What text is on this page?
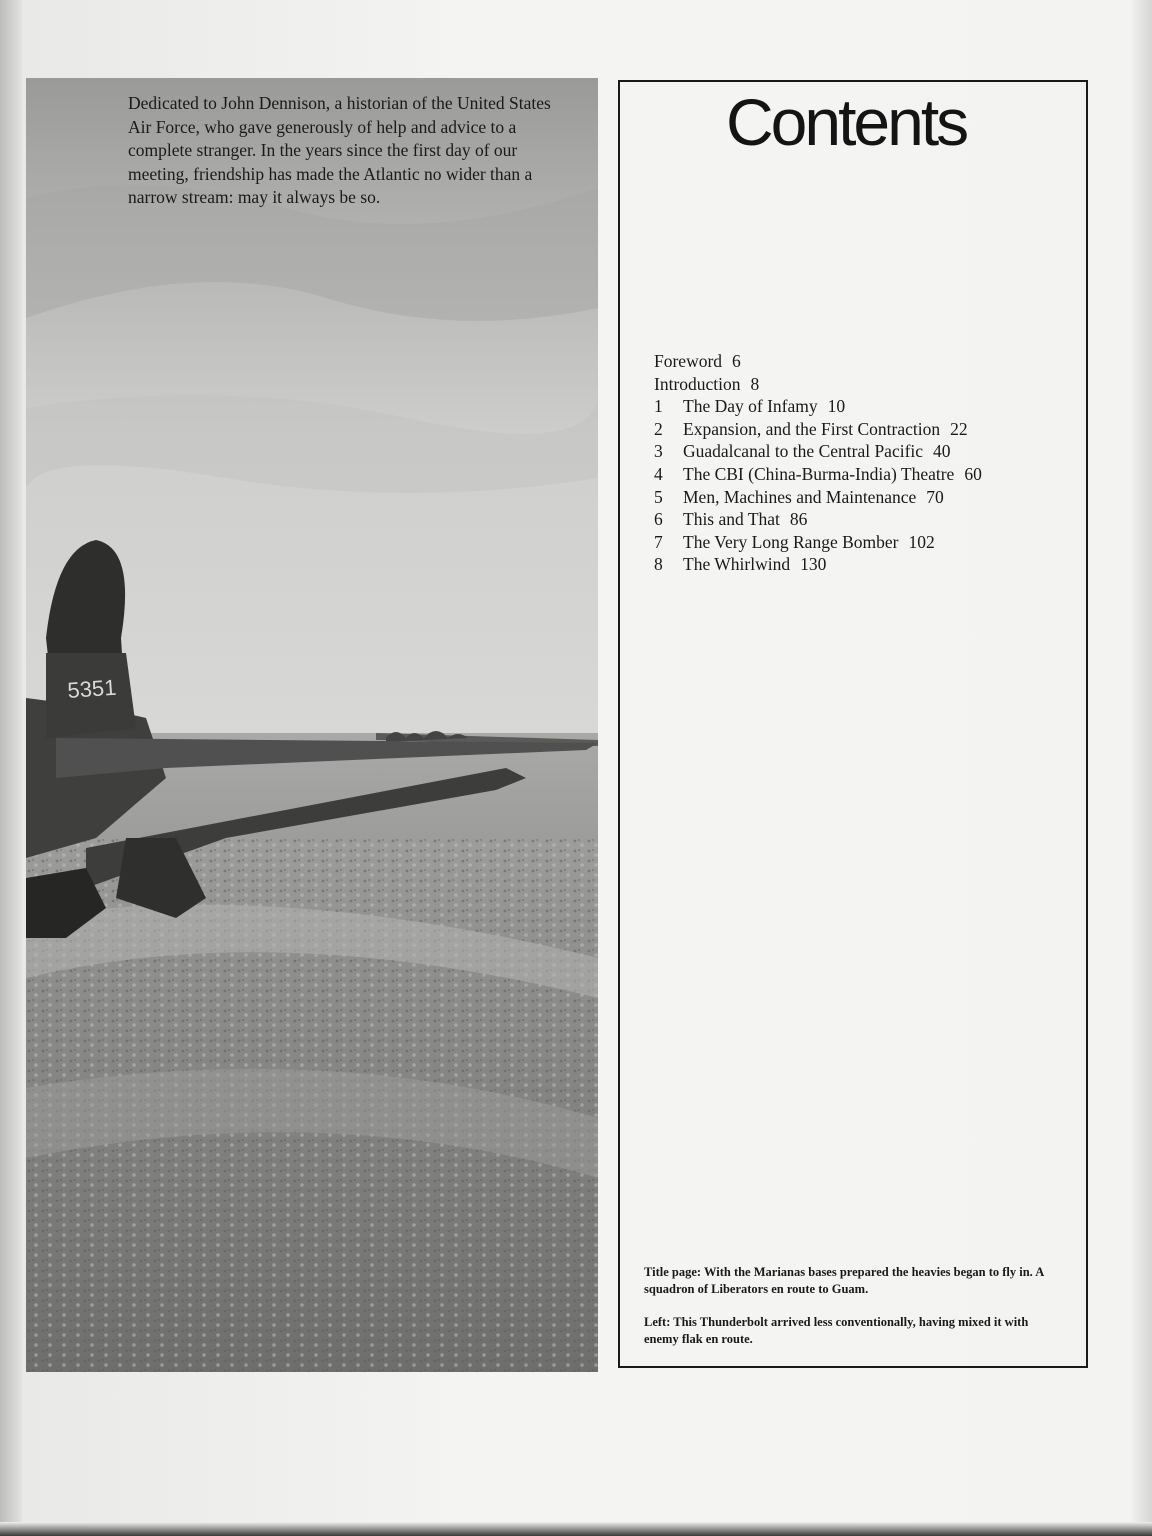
5351

Dedicated to John Dennison, a historian of the United States Air Force, who gave generously of help and advice to a complete stranger. In the years since the first day of our meeting, friendship has made the Atlantic no wider than a narrow stream: may it always be so.

Contents
Foreword 6
Introduction 8
1 The Day of Infamy 10
2 Expansion, and the First Contraction 22
3 Guadalcanal to the Central Pacific 40
4 The CBI (China-Burma-India) Theatre 60
5 Men, Machines and Maintenance 70
6 This and That 86
7 The Very Long Range Bomber 102
8 The Whirlwind 130

Title page: With the Marianas bases prepared the heavies began to fly in. A squadron of Liberators en route to Guam.

Left: This Thunderbolt arrived less conventionally, having mixed it with enemy flak en route.
